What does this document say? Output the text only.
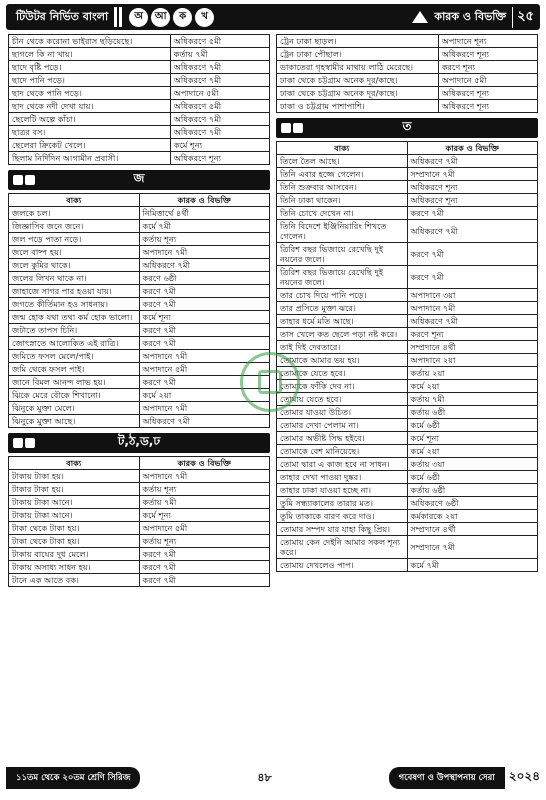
টিউটর নির্ভিত বাংলা	অ	আ	ক	খ	কারক ও বিভক্তি ২৫
চীন থেকে করোনা ভাইরাস ছড়িয়েছে।	অধিকরণে ৫মী
ছাগলে কি না খায়।	কর্তায় ৭মী
ছাদে বৃষ্টি পড়ে।	অধিকরণে ৭মী
ছাদে পানি পড়ে।	অধিকরণে ৭মী
ছাদ থেকে পানি পড়ে।	অপাদানে ৫মী
ছাদ থেকে নদী দেখা যায়।	অধিকরণে ৫মী
ছেলেটি অল্পে কাঁচা।	অধিকরণে ৭মী
ছাত্রর বস।	অধিকরণে ৭মী
ছেলেরা ক্রিকেট খেলে।	কর্মে শূন্য
ছিলাম নির্দিদিন আগামীন প্রবাসী।	অধিকরণে শূন্য
জ
বাক্য	কারক ও বিভক্তি
জলকে চল।	নিমিত্তার্থে ৪র্থী
জিজ্ঞাসিব জনে জনে।	কর্মে ৭মী
জল পড়ে পাতা নড়ে।	কর্তায় শূন্য
জলে বাষ্প হয়।	অপাদানে ৭মী
জলে কুমির থাকে।	অধিকরণে ৭মী
জলের লিখন থাকে না।	করণে ৬ষ্ঠী
জাহাজে সাগর পার হওয়া যায়।	করণে ৭মী
জগতে কীর্তিমান হও সাধনায়।	করণে ৭মী
জন্ম হোক যথা তথা কর্ম হোক ভালো।	কর্মে শূন্য
জটাতে তাপস চিনি।	করণে ৭মী
জোৎস্নাতে আলোকিত এই রাত্রি।	করণে ৭মী
জমিতে ফসল মেলে/পাই।	অপাদানে ৭মী
জমি থেকে ফসল পাই।	অপাদানে ৫মী
জানে বিমল আনন্দ লাভ হয়।	করণে ৭মী
ঝিকে মেরে বৌকে শিখানো।	কর্মে ২য়া
ঝিনুকে মুক্তা মেলে।	অপাদানে ৭মী
ঝিনুকে মুক্তা আছে।	অধিকরণে ৭মী
ট,ঠ,ড,ঢ
বাক্য	কারক ও বিভক্তি
টাকায় টাকা হয়।	অপাদানে ৭মী
টাকার টাকা হয়।	কর্তায় শূন্য
টাকায় টাকা আনে।	কর্তায় ৭মী
টাকায় টাকা আনে।	কর্মে শূন্য
টাকা থেকে টাকা হয়।	অপাদানে ৫মী
টাকা থেকে টাকা হয়।	কর্তায় শূন্য
টাকায় বাঘের দুধ মেলে।	করণে ৭মী
টাকায় অসাধ্য সাধন হয়।	করণে ৭মী
টানে এক আতে বক।	করণে ৭মী
ট্রেন ঢাকা ছাড়ল।	অপাদানে শূন্য
ট্রেন ঢাকা পৌছাল।	অধিকরণে শূন্য
ডাকাতেরা গৃহস্বামীর মাথায় লাঠি মেরেছে।	করণে শূন্য
ঢাকা থেকে চট্টগ্রাম অনেক দূর/কাছে।	অপাদানে ৫মী
ঢাকা থেকে চট্টগ্রাম অনেক দূর/কাছে।	অধিকরণে শূন্য
ঢাকা ও চট্টগ্রাম পাশাপাশি।	অধিকরণে শূন্য
ত
বাক্য	কারক ও বিভক্তি
তিলে তৈল আছে।	অধিকরণে ৭মী
তিনি এবার হজ্জে গেলেন।	সম্প্রদানে ৭মী
তিনি শুক্রবার আসবেন।	অধিকরণে শূন্য
তিনি ঢাকা থাকেন।	অধিকরণে শূন্য
তিনি চোখে দেখেন না।	করণে ৭মী
তিনি বিদেশে ইঞ্জিনিয়ারিং শিখতে গেলেন।	অধিকরণে ৭মী
ত্রিরিশ বছর ভিজায়ে রেখেছি দুই নয়নের জলে।	করণে ৭মী
ত্রিরিশ বছর ভিজায়ে রেখেছি দুই নয়নের জলে।	করণে ৭মী
তার চোখ দিয়ে পানি পড়ে।	অপাদানে ৩য়া
তার প্রসিতে মুক্তা ঝরে।	অপাদানে ৭মী
তাহার ধর্মে মতি আছে।	অধিকরণে ৭মী
তাস খেলে কত ছেলে পড়া নষ্ট করে।	করণে শূন্য
তাই দিই দেবতারে।	সম্প্রদানে ৪র্থী
তোমাকে আমার ভয় হয়।	অপাদানে ২য়া
তোমাকে যেতে হবে।	কর্তায় ২য়া
তোমাকে ফাঁকি দেব না।	কর্মে ২য়া
তোমায় যেতে হবে।	কর্তায় ৭মী
তোমার যাওয়া উচিত।	কর্তায় ৬ষ্ঠী
তোমার দেখা পেলাম না।	কর্মে ৬ষ্ঠী
তোমার অভীষ্ট সিদ্ধ হইবে।	কর্মে শূন্য
তোমাকে বেশ মানিয়েছে।	কর্মে ২য়া
তোমা দ্বারা এ কাজ হবে না সাধন।	কর্তায় ৩য়া
তাহার দেখা পাওয়া দুষ্কর।	কর্মে ৬ষ্ঠী
তাহার ঢাকা যাওয়া হচ্ছে না।	কর্তায় ৬ষ্ঠী
তুমি সন্ধ্যাকালের তারার মত।	অধিকরণে ৬ষ্ঠী
তুমি তাকাকে বারণ করে দাও।	কর্মকারকে ২য়া
তোমার সম্পদ যার যাহা কিছু প্রিয়।	সম্প্রদানে ৪র্থী
তোমায় কেন দেইনি আমার সকল শূন্য করে।	সম্প্রদানে ৭মী
তোমায় দেখলেও পাপ।	কর্মে ৭মী
১১তম থেকে ২০তম শ্রেণি সিরিজ	৪৮	গবেষণা ও উপস্থাপনায় সেরা	২০২৪
